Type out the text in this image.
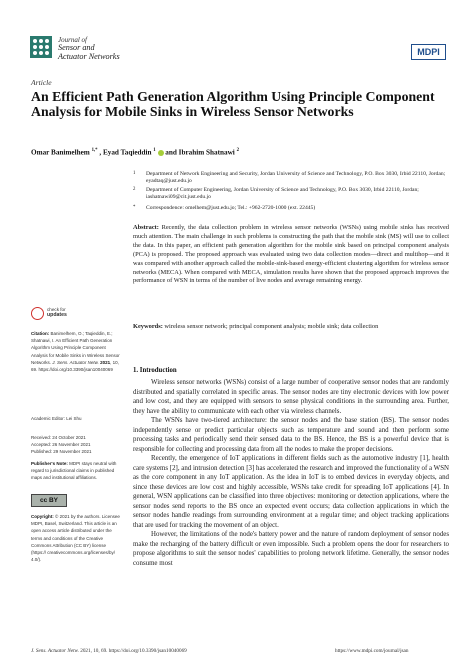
Journal of
Sensor and
Actuator Networks	MDPI
Article
An Efficient Path Generation Algorithm Using Principle Component Analysis for Mobile Sinks in Wireless Sensor Networks
Omar Banimelhem $^{1,*}$ , Eyad Taqieddin $^1$  and Ibrahim Shatnawi $^2$
1 Department of Network Engineering and Security, Jordan University of Science and Technology, P.O. Box 3030, Irbid 22110, Jordan; eyadtaq@just.edu.jo
2 Department of Computer Engineering, Jordan University of Science and Technology, P.O. Box 3030, Irbid 22110, Jordan; iashatnawi09@cit.just.edu.jo
* Correspondence: omelhem@just.edu.jo; Tel.: +962-2720-1000 (ext. 22445)
Abstract: Recently, the data collection problem in wireless sensor networks (WSNs) using mobile sinks has received much attention. The main challenge in such problems is constructing the path that the mobile sink (MS) will use to collect the data. In this paper, an efficient path generation algorithm for the mobile sink based on principal component analysis (PCA) is proposed. The proposed approach was evaluated using two data collection modes—direct and multihop—and it was compared with another approach called the mobile-sink-based energy-efficient clustering algorithm for wireless sensor networks (MECA). When compared with MECA, simulation results have shown that the proposed approach improves the performance of WSN in terms of the number of live nodes and average remaining energy.
Keywords: wireless sensor network; principal component analysis; mobile sink; data collection
check for
updates
Citation: Banimelhem, O.; Taqieddin, E.; Shatnawi, I. An Efficient Path Generation Algorithm Using Principle Component Analysis for Mobile Sinks in Wireless Sensor Networks. J. Sens. Actuator Netw. 2021, 10, 69. https://doi.org/10.3390/jsan10040069
Academic Editor: Lei Shu
Received: 24 October 2021
Accepted: 26 November 2021
Published: 29 November 2021
Publisher's Note: MDPI stays neutral with regard to jurisdictional claims in published maps and institutional affiliations.
cc BY
Copyright: © 2021 by the authors. Licensee MDPI, Basel, Switzerland. This article is an open access article distributed under the terms and conditions of the Creative Commons Attribution (CC BY) license (https:// creativecommons.org/licenses/by/ 4.0/).
1. Introduction

Wireless sensor networks (WSNs) consist of a large number of cooperative sensor nodes that are randomly distributed and spatially correlated in specific areas. The sensor nodes are tiny electronic devices with low power and low cost, and they are equipped with sensors to sense physical conditions in the surrounding area. Further, they have the ability to communicate with each other via wireless channels.

The WSNs have two-tiered architecture: the sensor nodes and the base station (BS). The sensor nodes independently sense or predict particular objects such as temperature and sound and then perform some processing tasks and periodically send their sensed data to the BS. Hence, the BS is a powerful device that is responsible for collecting and processing data from all the nodes to make the proper decisions.

Recently, the emergence of IoT applications in different fields such as the automotive industry [1], health care systems [2], and intrusion detection [3] has accelerated the research and improved the functionality of a WSN as the core component in any IoT application. As the idea in IoT is to embed devices in everyday objects, and since these devices are low cost and highly accessible, WSNs take credit for spreading IoT applications [4]. In general, WSN applications can be classified into three objectives: monitoring or detection applications, where the sensor nodes send reports to the BS once an expected event occurs; data collection applications in which the sensor nodes handle readings from surrounding environment at a regular time; and object tracking applications that are used for tracking the movement of an object.

However, the limitations of the node's battery power and the nature of random deployment of sensor nodes make the recharging of the battery difficult or even impossible. Such a problem opens the door for researchers to propose algorithms to suit the sensor nodes' capabilities to prolong network lifetime. Generally, the sensor nodes consume most

J. Sens. Actuator Netw. 2021, 10, 69. https://doi.org/10.3390/jsan10040069	https://www.mdpi.com/journal/jsan
